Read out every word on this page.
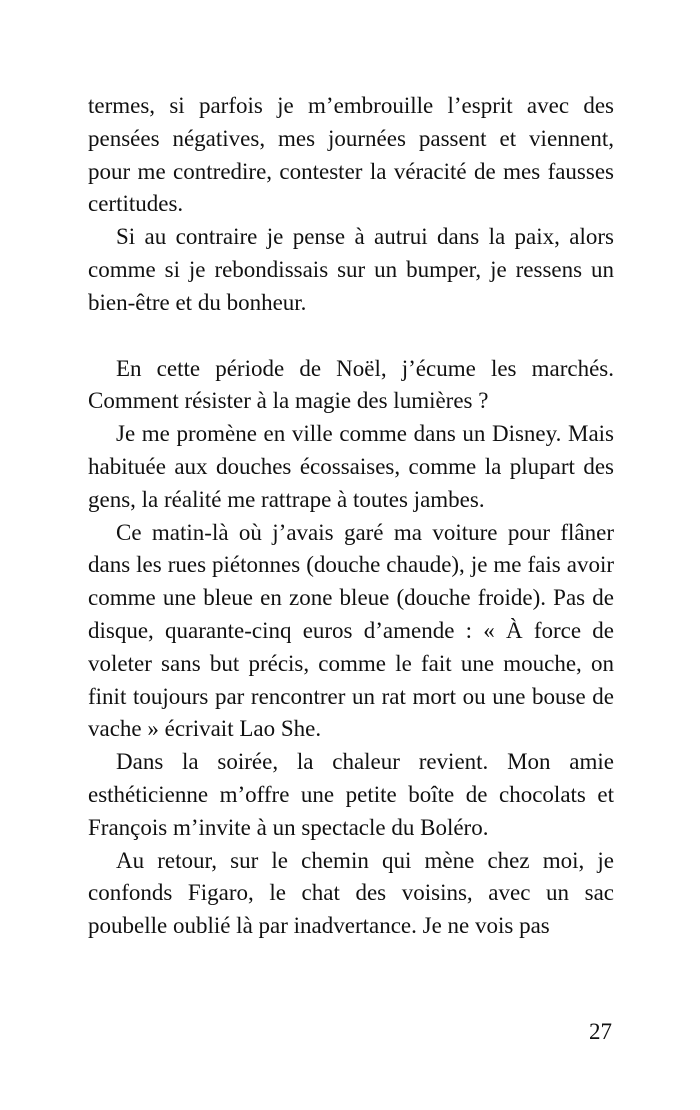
termes, si parfois je m’embrouille l’esprit avec des pensées négatives, mes journées passent et viennent, pour me contredire, contester la véracité de mes fausses certitudes.

Si au contraire je pense à autrui dans la paix, alors comme si je rebondissais sur un bumper, je ressens un bien-être et du bonheur.

En cette période de Noël, j’écume les marchés. Comment résister à la magie des lumières ?

Je me promène en ville comme dans un Disney. Mais habituée aux douches écossaises, comme la plupart des gens, la réalité me rattrape à toutes jambes.

Ce matin-là où j’avais garé ma voiture pour flâner dans les rues piétonnes (douche chaude), je me fais avoir comme une bleue en zone bleue (douche froide). Pas de disque, quarante-cinq euros d’amende : « À force de voleter sans but précis, comme le fait une mouche, on finit toujours par rencontrer un rat mort ou une bouse de vache » écrivait Lao She.

Dans la soirée, la chaleur revient. Mon amie esthéticienne m’offre une petite boîte de chocolats et François m’invite à un spectacle du Boléro.

Au retour, sur le chemin qui mène chez moi, je confonds Figaro, le chat des voisins, avec un sac poubelle oublié là par inadvertance. Je ne vois pas

27
